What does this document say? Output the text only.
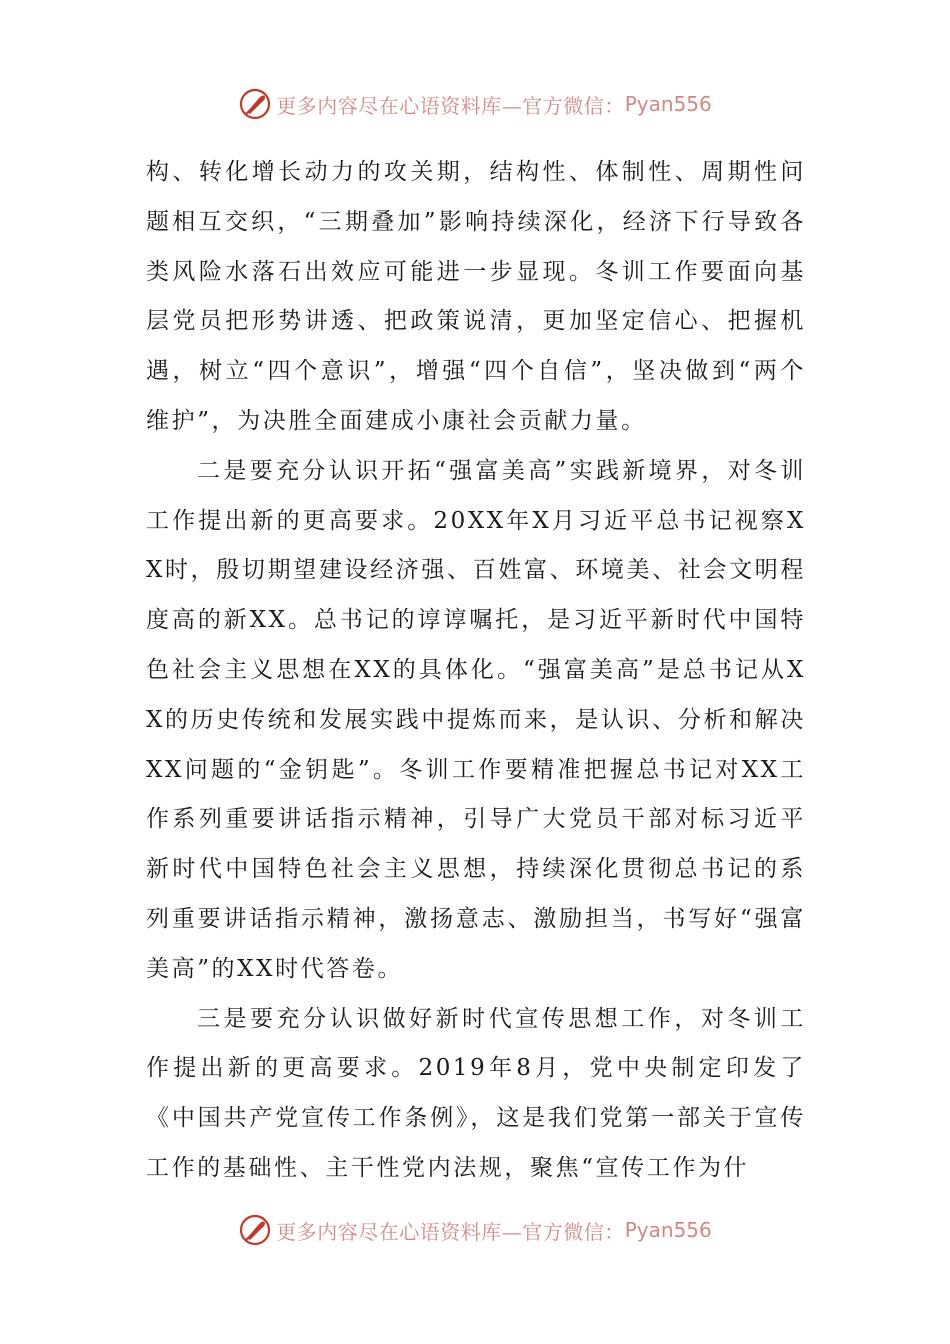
更多内容尽在心语资料库—官方微信： Pyan556

构、转化增长动力的攻关期，结构性、体制性、周期性问题相互交织，“三期叠加”影响持续深化，经济下行导致各类风险水落石出效应可能进一步显现。冬训工作要面向基层党员把形势讲透、把政策说清，更加坚定信心、把握机遇，树立“四个意识”，增强“四个自信”，坚决做到“两个维护”，为决胜全面建成小康社会贡献力量。

二是要充分认识开拓“强富美高”实践新境界，对冬训工作提出新的更高要求。20XX年X月习近平总书记视察XX时，殷切期望建设经济强、百姓富、环境美、社会文明程度高的新XX。总书记的谆谆嘱托，是习近平新时代中国特色社会主义思想在XX的具体化。“强富美高”是总书记从XX的历史传统和发展实践中提炼而来，是认识、分析和解决XX问题的“金钥匙”。冬训工作要精准把握总书记对XX工作系列重要讲话指示精神，引导广大党员干部对标习近平新时代中国特色社会主义思想，持续深化贯彻总书记的系列重要讲话指示精神，激扬意志、激励担当，书写好“强富美高”的XX时代答卷。

三是要充分认识做好新时代宣传思想工作，对冬训工作提出新的更高要求。2019年8月，党中央制定印发了《中国共产党宣传工作条例》，这是我们党第一部关于宣传工作的基础性、主干性党内法规，聚焦“宣传工作为什

更多内容尽在心语资料库—官方微信： Pyan556
